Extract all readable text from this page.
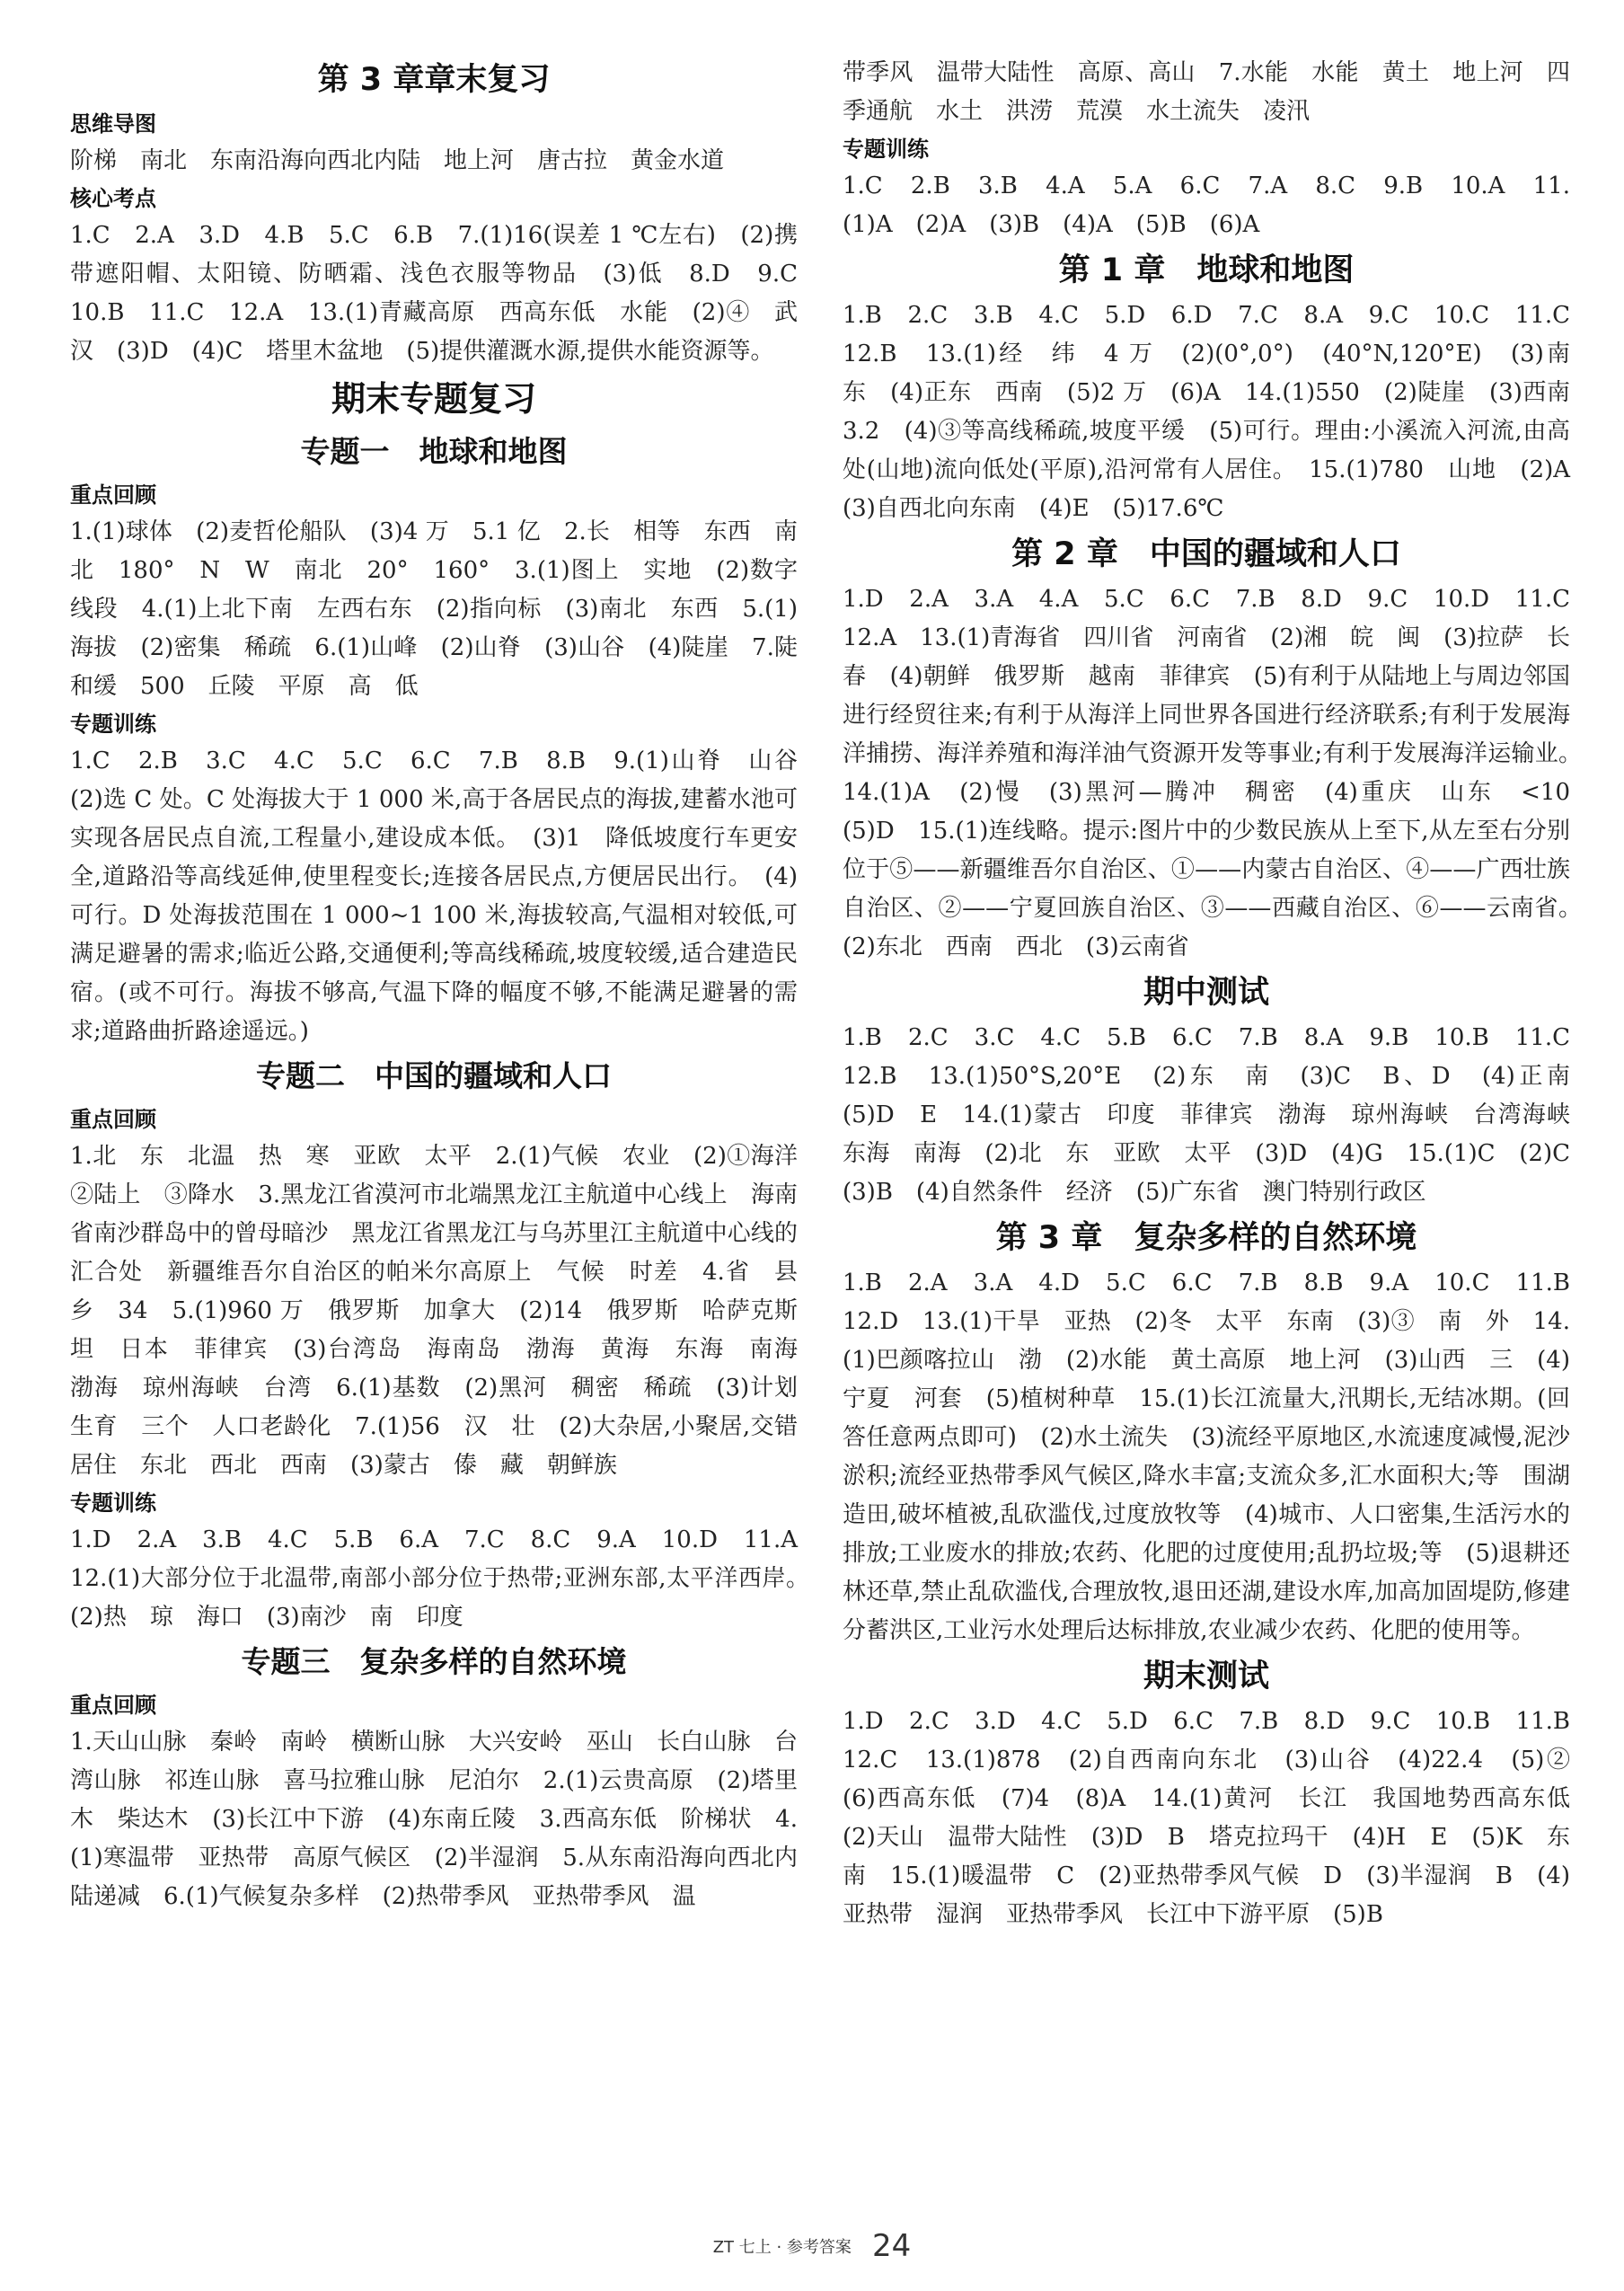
第 3 章章末复习

思维导图

阶梯　南北　东南沿海向西北内陆　地上河　唐古拉　黄金水道

核心考点

1.C　2.A　3.D　4.B　5.C　6.B　7.(1)16(误差 1 ℃左右)　(2)携带遮阳帽、太阳镜、防晒霜、浅色衣服等物品　(3)低　8.D　9.C　10.B　11.C　12.A　13.(1)青藏高原　西高东低　水能　(2)④　武汉　(3)D　(4)C　塔里木盆地　(5)提供灌溉水源,提供水能资源等。

期末专题复习
专题一　地球和地图

重点回顾

1.(1)球体　(2)麦哲伦船队　(3)4 万　5.1 亿　2.长　相等　东西　南北　180°　N　W　南北　20°　160°　3.(1)图上　实地　(2)数字　线段　4.(1)上北下南　左西右东　(2)指向标　(3)南北　东西　5.(1)海拔　(2)密集　稀疏　6.(1)山峰　(2)山脊　(3)山谷　(4)陡崖　7.陡　和缓　500　丘陵　平原　高　低

专题训练

1.C　2.B　3.C　4.C　5.C　6.C　7.B　8.B　9.(1)山脊　山谷　(2)选 C 处。C 处海拔大于 1 000 米,高于各居民点的海拔,建蓄水池可实现各居民点自流,工程量小,建设成本低。　(3)1　降低坡度行车更安全,道路沿等高线延伸,使里程变长;连接各居民点,方便居民出行。　(4)可行。D 处海拔范围在 1 000~1 100 米,海拔较高,气温相对较低,可满足避暑的需求;临近公路,交通便利;等高线稀疏,坡度较缓,适合建造民宿。(或不可行。海拔不够高,气温下降的幅度不够,不能满足避暑的需求;道路曲折路途遥远。)

专题二　中国的疆域和人口

重点回顾

1.北　东　北温　热　寒　亚欧　太平　2.(1)气候　农业　(2)①海洋　②陆上　③降水　3.黑龙江省漠河市北端黑龙江主航道中心线上　海南省南沙群岛中的曾母暗沙　黑龙江省黑龙江与乌苏里江主航道中心线的汇合处　新疆维吾尔自治区的帕米尔高原上　气候　时差　4.省　县　乡　34　5.(1)960 万　俄罗斯　加拿大　(2)14　俄罗斯　哈萨克斯坦　日本　菲律宾　(3)台湾岛　海南岛　渤海　黄海　东海　南海　渤海　琼州海峡　台湾　6.(1)基数　(2)黑河　稠密　稀疏　(3)计划生育　三个　人口老龄化　7.(1)56　汉　壮　(2)大杂居,小聚居,交错居住　东北　西北　西南　(3)蒙古　傣　藏　朝鲜族

专题训练

1.D　2.A　3.B　4.C　5.B　6.A　7.C　8.C　9.A　10.D　11.A　12.(1)大部分位于北温带,南部小部分位于热带;亚洲东部,太平洋西岸。　(2)热　琼　海口　(3)南沙　南　印度

专题三　复杂多样的自然环境

重点回顾

1.天山山脉　秦岭　南岭　横断山脉　大兴安岭　巫山　长白山脉　台湾山脉　祁连山脉　喜马拉雅山脉　尼泊尔　2.(1)云贵高原　(2)塔里木　柴达木　(3)长江中下游　(4)东南丘陵　3.西高东低　阶梯状　4.(1)寒温带　亚热带　高原气候区　(2)半湿润　5.从东南沿海向西北内陆递减　6.(1)气候复杂多样　(2)热带季风　亚热带季风　温

带季风　温带大陆性　高原、高山　7.水能　水能　黄土　地上河　四季通航　水土　洪涝　荒漠　水土流失　凌汛

专题训练

1.C　2.B　3.B　4.A　5.A　6.C　7.A　8.C　9.B　10.A　11.(1)A　(2)A　(3)B　(4)A　(5)B　(6)A

第 1 章　地球和地图

1.B　2.C　3.B　4.C　5.D　6.D　7.C　8.A　9.C　10.C　11.C　12.B　13.(1)经　纬　4 万　(2)(0°,0°)　(40°N,120°E)　(3)南　东　(4)正东　西南　(5)2 万　(6)A　14.(1)550　(2)陡崖　(3)西南　3.2　(4)③等高线稀疏,坡度平缓　(5)可行。理由:小溪流入河流,由高处(山地)流向低处(平原),沿河常有人居住。　15.(1)780　山地　(2)A　(3)自西北向东南　(4)E　(5)17.6℃

第 2 章　中国的疆域和人口

1.D　2.A　3.A　4.A　5.C　6.C　7.B　8.D　9.C　10.D　11.C　12.A　13.(1)青海省　四川省　河南省　(2)湘　皖　闽　(3)拉萨　长春　(4)朝鲜　俄罗斯　越南　菲律宾　(5)有利于从陆地上与周边邻国进行经贸往来;有利于从海洋上同世界各国进行经济联系;有利于发展海洋捕捞、海洋养殖和海洋油气资源开发等事业;有利于发展海洋运输业。　14.(1)A　(2)慢　(3)黑河—腾冲　稠密　(4)重庆　山东　<10　(5)D　15.(1)连线略。提示:图片中的少数民族从上至下,从左至右分别位于⑤——新疆维吾尔自治区、①——内蒙古自治区、④——广西壮族自治区、②——宁夏回族自治区、③——西藏自治区、⑥——云南省。　(2)东北　西南　西北　(3)云南省

期中测试

1.B　2.C　3.C　4.C　5.B　6.C　7.B　8.A　9.B　10.B　11.C　12.B　13.(1)50°S,20°E　(2)东　南　(3)C　B、D　(4)正南　(5)D　E　14.(1)蒙古　印度　菲律宾　渤海　琼州海峡　台湾海峡　东海　南海　(2)北　东　亚欧　太平　(3)D　(4)G　15.(1)C　(2)C　(3)B　(4)自然条件　经济　(5)广东省　澳门特别行政区

第 3 章　复杂多样的自然环境

1.B　2.A　3.A　4.D　5.C　6.C　7.B　8.B　9.A　10.C　11.B　12.D　13.(1)干旱　亚热　(2)冬　太平　东南　(3)③　南　外　14.(1)巴颜喀拉山　渤　(2)水能　黄土高原　地上河　(3)山西　三　(4)宁夏　河套　(5)植树种草　15.(1)长江流量大,汛期长,无结冰期。(回答任意两点即可)　(2)水土流失　(3)流经平原地区,水流速度减慢,泥沙淤积;流经亚热带季风气候区,降水丰富;支流众多,汇水面积大;等　围湖造田,破坏植被,乱砍滥伐,过度放牧等　(4)城市、人口密集,生活污水的排放;工业废水的排放;农药、化肥的过度使用;乱扔垃圾;等　(5)退耕还林还草,禁止乱砍滥伐,合理放牧,退田还湖,建设水库,加高加固堤防,修建分蓄洪区,工业污水处理后达标排放,农业减少农药、化肥的使用等。

期末测试

1.D　2.C　3.D　4.C　5.D　6.C　7.B　8.D　9.C　10.B　11.B　12.C　13.(1)878　(2)自西南向东北　(3)山谷　(4)22.4　(5)②　(6)西高东低　(7)4　(8)A　14.(1)黄河　长江　我国地势西高东低　(2)天山　温带大陆性　(3)D　B　塔克拉玛干　(4)H　E　(5)K　东南　15.(1)暖温带　C　(2)亚热带季风气候　D　(3)半湿润　B　(4)亚热带　湿润　亚热带季风　长江中下游平原　(5)B

ZT 七上 · 参考答案 24
